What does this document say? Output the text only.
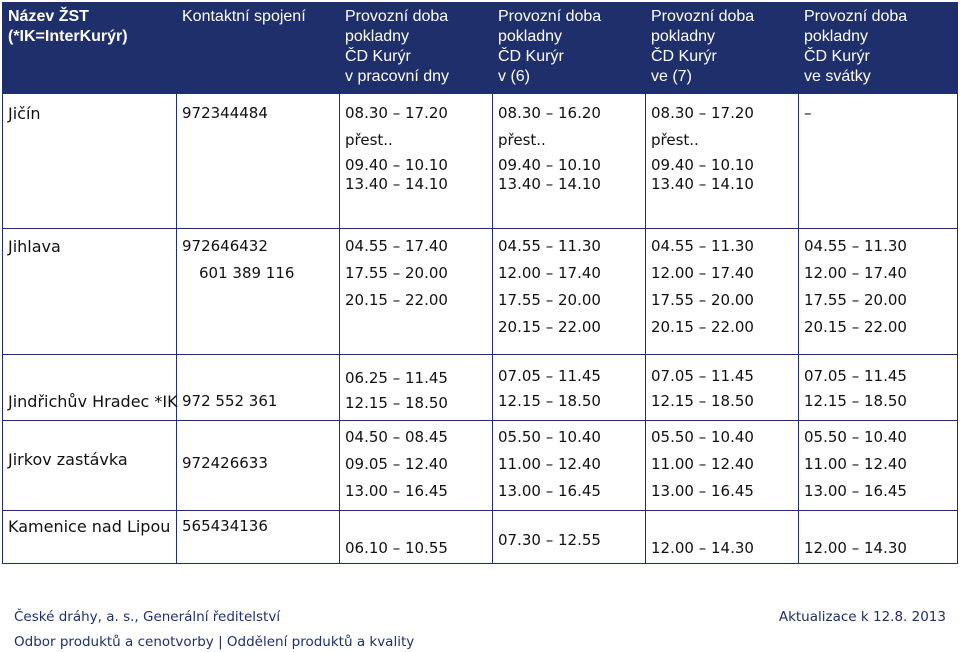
Název ŽST
(*IK=InterKurýr)	Kontaktní spojení	Provozní doba
pokladny
ČD Kurýr
v pracovní dny	Provozní doba
pokladny
ČD Kurýr
v (6)	Provozní doba
pokladny
ČD Kurýr
ve (7)	Provozní doba
pokladny
ČD Kurýr
ve svátky

Jičín	972344484	08.30 – 17.20
přest..
09.40 – 10.10
13.40 – 14.10	08.30 – 16.20
přest..
09.40 – 10.10
13.40 – 14.10	08.30 – 17.20
přest..
09.40 – 10.10
13.40 – 14.10	–

Jihlava	972646432
601 389 116	04.55 – 17.40
17.55 – 20.00
20.15 – 22.00	04.55 – 11.30
12.00 – 17.40
17.55 – 20.00
20.15 – 22.00	04.55 – 11.30
12.00 – 17.40
17.55 – 20.00
20.15 – 22.00	04.55 – 11.30
12.00 – 17.40
17.55 – 20.00
20.15 – 22.00

Jindřichův Hradec *IK	972 552 361	06.25 – 11.45
12.15 – 18.50	07.05 – 11.45
12.15 – 18.50	07.05 – 11.45
12.15 – 18.50	07.05 – 11.45
12.15 – 18.50

Jirkov zastávka	972426633	04.50 – 08.45
09.05 – 12.40
13.00 – 16.45	05.50 – 10.40
11.00 – 12.40
13.00 – 16.45	05.50 – 10.40
11.00 – 12.40
13.00 – 16.45	05.50 – 10.40
11.00 – 12.40
13.00 – 16.45

Kamenice nad Lipou	565434136	06.10 – 10.55	07.30 – 12.55	12.00 – 14.30	12.00 – 14.30
České dráhy, a. s., Generální ředitelství
Odbor produktů a cenotvorby | Oddělení produktů a kvality
Aktualizace k 12.8. 2013
